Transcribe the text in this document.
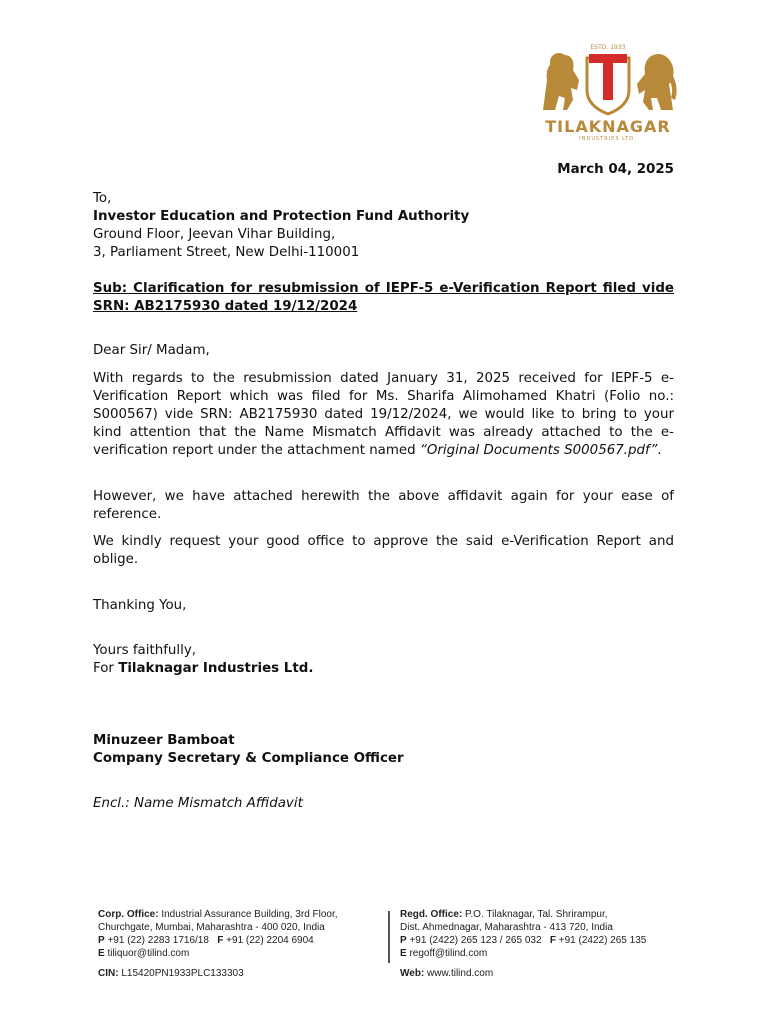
ESTD. 1933
TILAKNAGAR
INDUSTRIES LTD.
March 04, 2025
To,
Investor Education and Protection Fund Authority
Ground Floor, Jeevan Vihar Building,
3, Parliament Street, New Delhi-110001
Sub: Clarification for resubmission of IEPF-5 e-Verification Report filed vide SRN: AB2175930 dated 19/12/2024
Dear Sir/ Madam,
With regards to the resubmission dated January 31, 2025 received for IEPF-5 e-Verification Report which was filed for Ms. Sharifa Alimohamed Khatri (Folio no.: S000567) vide SRN: AB2175930 dated 19/12/2024, we would like to bring to your kind attention that the Name Mismatch Affidavit was already attached to the e-verification report under the attachment named “Original Documents S000567.pdf”.
However, we have attached herewith the above affidavit again for your ease of reference.
We kindly request your good office to approve the said e-Verification Report and oblige.
Thanking You,
Yours faithfully,
For Tilaknagar Industries Ltd.
Minuzeer Bamboat
Company Secretary & Compliance Officer
Encl.: Name Mismatch Affidavit
Corp. Office: Industrial Assurance Building, 3rd Floor,
Churchgate, Mumbai, Maharashtra - 400 020, India
P +91 (22) 2283 1716/18 F +91 (22) 2204 6904
E tiliquor@tilind.com
Regd. Office: P.O. Tilaknagar, Tal. Shrirampur,
Dist. Ahmednagar, Maharashtra - 413 720, India
P +91 (2422) 265 123 / 265 032 F +91 (2422) 265 135
E regoff@tilind.com
CIN: L15420PN1933PLC133303	Web: www.tilind.com
